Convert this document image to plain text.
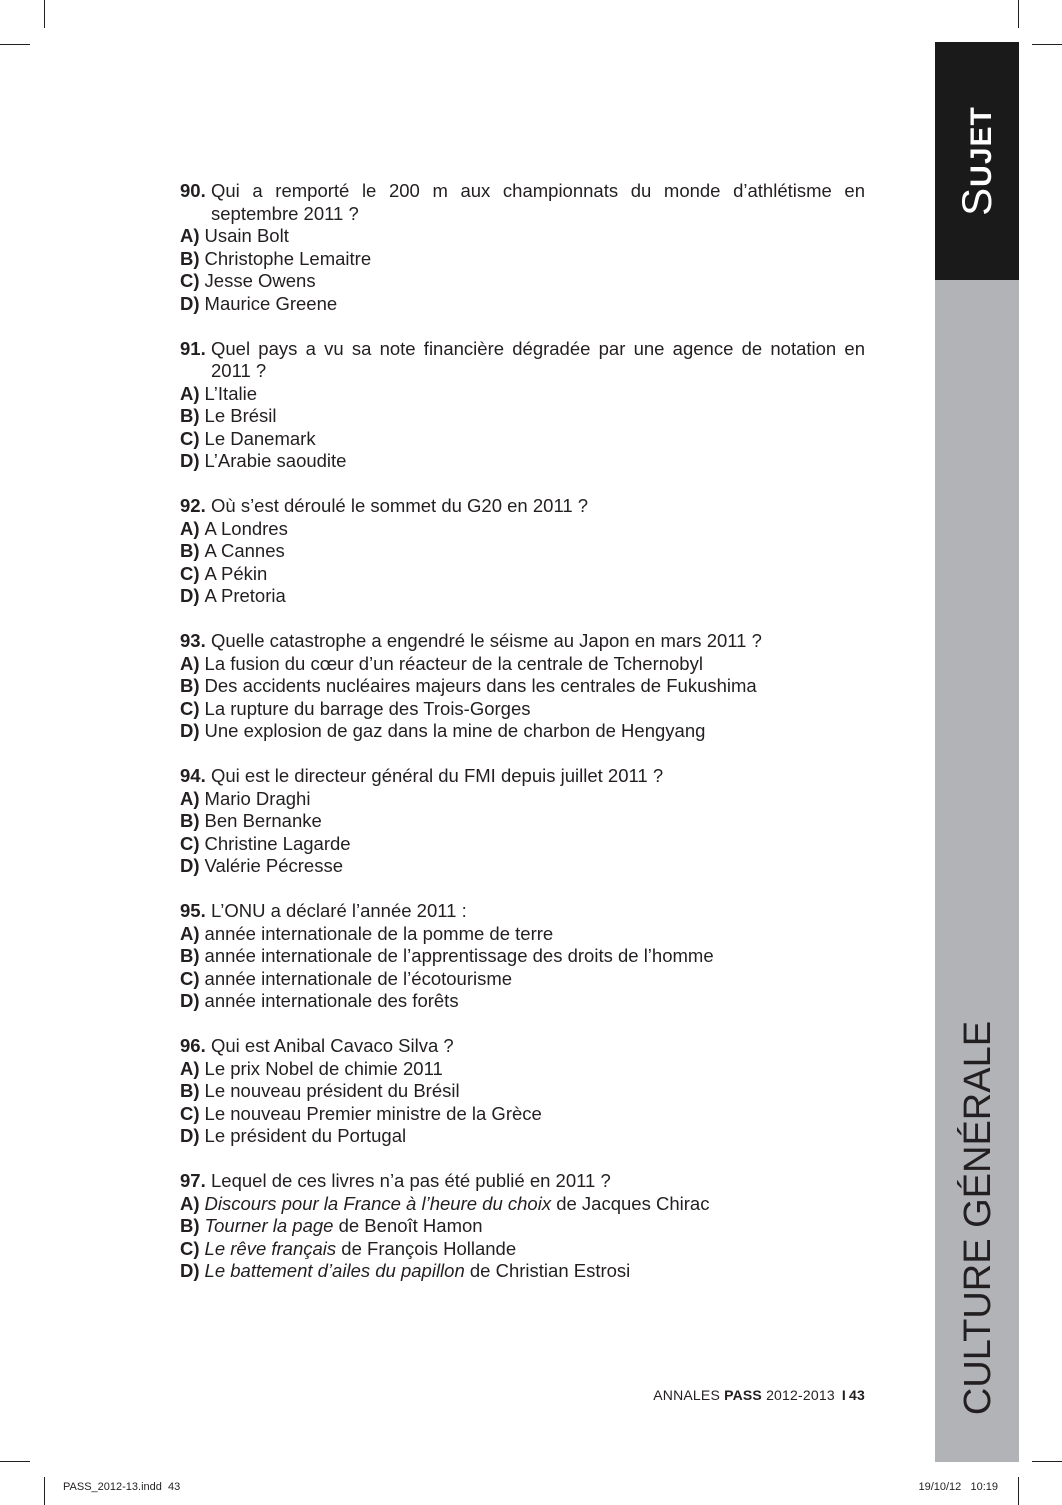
SUJET
CULTURE GÉNÉRALE
90. Qui a remporté le 200 m aux championnats du monde d’athlétisme en septembre 2011 ?
A) Usain Bolt
B) Christophe Lemaitre
C) Jesse Owens
D) Maurice Greene
91. Quel pays a vu sa note financière dégradée par une agence de notation en 2011 ?
A) L’Italie
B) Le Brésil
C) Le Danemark
D) L’Arabie saoudite
92. Où s’est déroulé le sommet du G20 en 2011 ?
A) A Londres
B) A Cannes
C) A Pékin
D) A Pretoria
93. Quelle catastrophe a engendré le séisme au Japon en mars 2011 ?
A) La fusion du cœur d’un réacteur de la centrale de Tchernobyl
B) Des accidents nucléaires majeurs dans les centrales de Fukushima
C) La rupture du barrage des Trois-Gorges
D) Une explosion de gaz dans la mine de charbon de Hengyang
94. Qui est le directeur général du FMI depuis juillet 2011 ?
A) Mario Draghi
B) Ben Bernanke
C) Christine Lagarde
D) Valérie Pécresse
95. L’ONU a déclaré l’année 2011 :
A) année internationale de la pomme de terre
B) année internationale de l’apprentissage des droits de l’homme
C) année internationale de l’écotourisme
D) année internationale des forêts
96. Qui est Anibal Cavaco Silva ?
A) Le prix Nobel de chimie 2011
B) Le nouveau président du Brésil
C) Le nouveau Premier ministre de la Grèce
D) Le président du Portugal
97. Lequel de ces livres n’a pas été publié en 2011 ?
A) Discours pour la France à l’heure du choix de Jacques Chirac
B) Tourner la page de Benoît Hamon
C) Le rêve français de François Hollande
D) Le battement d’ailes du papillon de Christian Estrosi
ANNALES PASS 2012-2013 I 43
PASS_2012-13.indd 43	19/10/12 10:19
